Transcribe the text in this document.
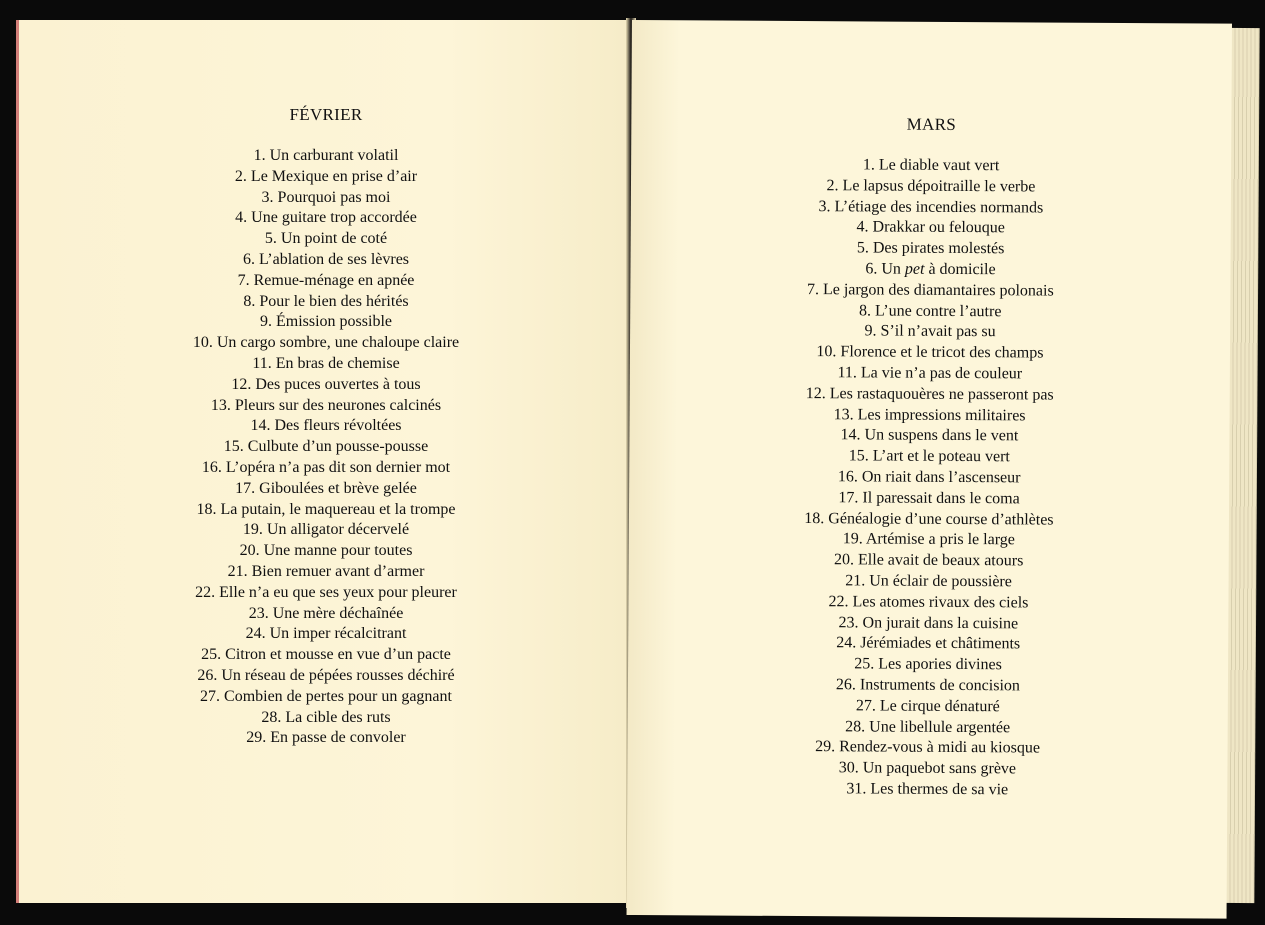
FÉVRIER
1. Un carburant volatil
2. Le Mexique en prise d’air
3. Pourquoi pas moi
4. Une guitare trop accordée
5. Un point de coté
6. L’ablation de ses lèvres
7. Remue-ménage en apnée
8. Pour le bien des hérités
9. Émission possible
10. Un cargo sombre, une chaloupe claire
11. En bras de chemise
12. Des puces ouvertes à tous
13. Pleurs sur des neurones calcinés
14. Des fleurs révoltées
15. Culbute d’un pousse-pousse
16. L’opéra n’a pas dit son dernier mot
17. Giboulées et brève gelée
18. La putain, le maquereau et la trompe
19. Un alligator décervelé
20. Une manne pour toutes
21. Bien remuer avant d’armer
22. Elle n’a eu que ses yeux pour pleurer
23. Une mère déchaînée
24. Un imper récalcitrant
25. Citron et mousse en vue d’un pacte
26. Un réseau de pépées rousses déchiré
27. Combien de pertes pour un gagnant
28. La cible des ruts
29. En passe de convoler
MARS
1. Le diable vaut vert
2. Le lapsus dépoitraille le verbe
3. L’étiage des incendies normands
4. Drakkar ou felouque
5. Des pirates molestés
6. Un pet à domicile
7. Le jargon des diamantaires polonais
8. L’une contre l’autre
9. S’il n’avait pas su
10. Florence et le tricot des champs
11. La vie n’a pas de couleur
12. Les rastaquouères ne passeront pas
13. Les impressions militaires
14. Un suspens dans le vent
15. L’art et le poteau vert
16. On riait dans l’ascenseur
17. Il paressait dans le coma
18. Généalogie d’une course d’athlètes
19. Artémise a pris le large
20. Elle avait de beaux atours
21. Un éclair de poussière
22. Les atomes rivaux des ciels
23. On jurait dans la cuisine
24. Jérémiades et châtiments
25. Les apories divines
26. Instruments de concision
27. Le cirque dénaturé
28. Une libellule argentée
29. Rendez-vous à midi au kiosque
30. Un paquebot sans grève
31. Les thermes de sa vie
